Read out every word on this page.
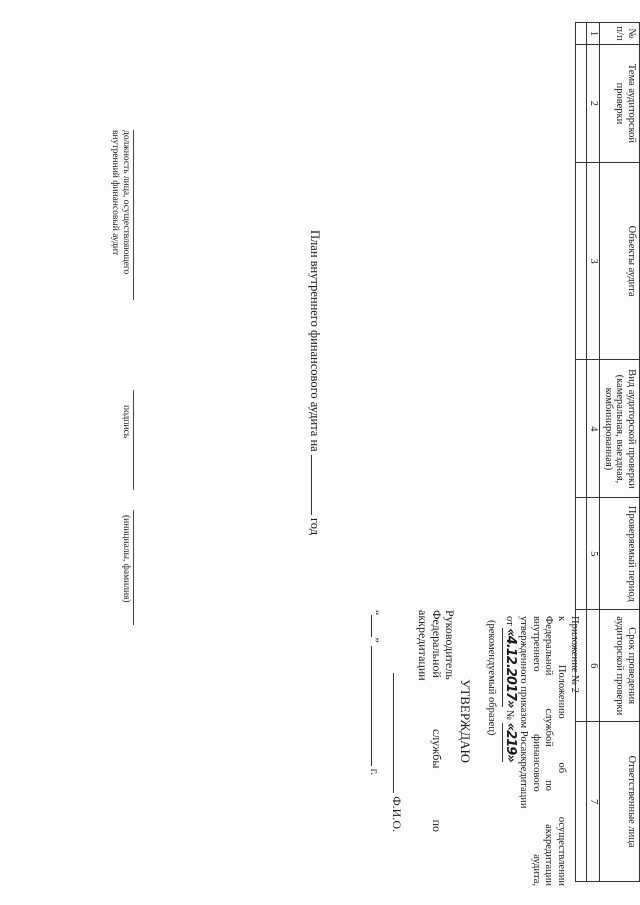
Приложение № 2
к
Положению
об
осуществлении
Федеральной
службой
по
аккредитации
внутреннего
финансового
аудита,
утвержденного приказом Росаккредитации
от «4.12.2017» № «219»
(рекомендуемый образец)
УТВЕРЖДАЮ
Руководитель
Федеральной
службы
по
аккредитации
Ф.И.О.
“”  г.
План внутреннего финансового аудита на  год
№ п/п	Тема аудиторской проверки	Объекты аудита	Вид аудиторской проверки (камеральная, выездная, комбинированная)	Проверяемый период	Срок проведения аудиторской проверки	Ответственные лица
1	2	3	4	5	6	7

должность лица, осуществляющего
внутренний финансовый аудит
подпись
(инициалы, фамилия)
